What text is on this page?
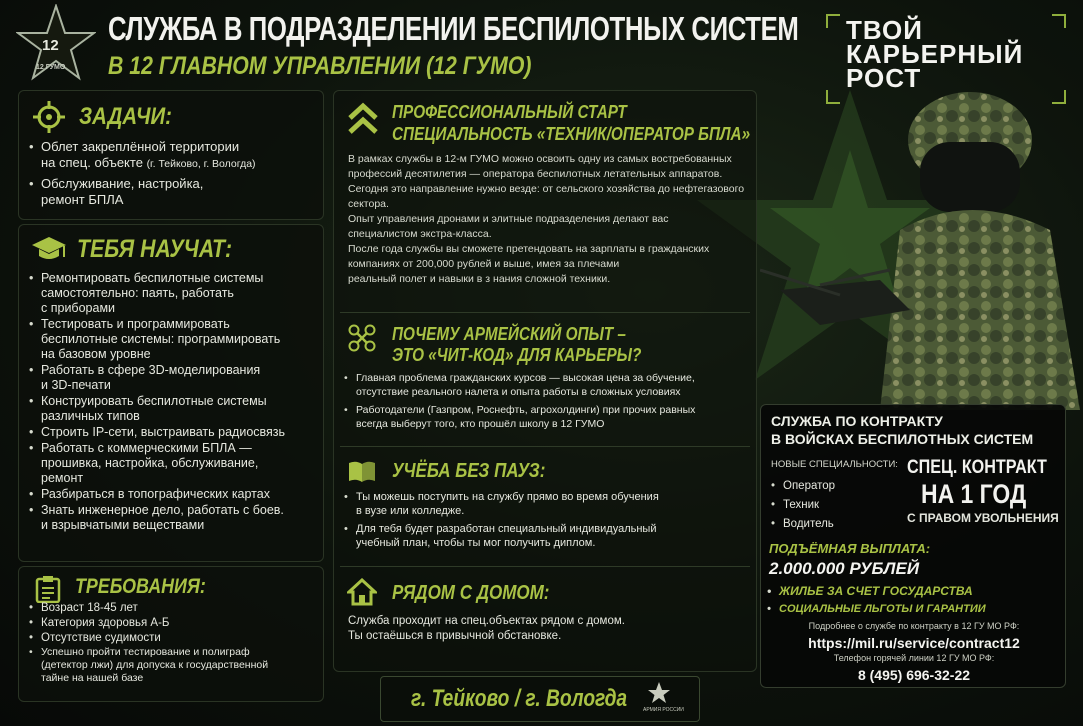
12
12 ГУМО
СЛУЖБА В ПОДРАЗДЕЛЕНИИ БЕСПИЛОТНЫХ СИСТЕМ
В 12 ГЛАВНОМ УПРАВЛЕНИИ (12 ГУМО)
ТВОЙ
КАРЬЕРНЫЙ
РОСТ
ЗАДАЧИ:
• Облет закреплённой территории
на спец. объекте (г. Тейково, г. Вологда)
• Обслуживание, настройка,
ремонт БПЛА
ТЕБЯ НАУЧАТ:
• Ремонтировать беспилотные системы
самостоятельно: паять, работать
с приборами
• Тестировать и программировать
беспилотные системы: программировать
на базовом уровне
• Работать в сфере 3D-моделирования
и 3D-печати
• Конструировать беспилотные системы
различных типов
• Строить IP-сети, выстраивать радиосвязь
• Работать с коммерческими БПЛА —
прошивка, настройка, обслуживание,
ремонт
• Разбираться в топографических картах
• Знать инженерное дело, работать с боев.
и взрывчатыми веществами
ТРЕБОВАНИЯ:
• Возраст 18-45 лет
• Категория здоровья А-Б
• Отсутствие судимости
• Успешно пройти тестирование и полиграф
(детектор лжи) для допуска к государственной
тайне на нашей базе
ПРОФЕССИОНАЛЬНЫЙ СТАРТ
СПЕЦИАЛЬНОСТЬ «ТЕХНИК/ОПЕРАТОР БПЛА»
В рамках службы в 12-м ГУМО можно освоить одну из самых востребованных
профессий десятилетия — оператора беспилотных летательных аппаратов.
Сегодня это направление нужно везде: от сельского хозяйства до нефтегазового
сектора.
Опыт управления дронами и элитные подразделения делают вас
специалистом экстра-класса.
После года службы вы сможете претендовать на зарплаты в гражданских
компаниях от 200,000 рублей и выше, имея за плечами
реальный полет и навыки в з нания сложной техники.
ПОЧЕМУ АРМЕЙСКИЙ ОПЫТ –
ЭТО «ЧИТ-КОД» ДЛЯ КАРЬЕРЫ?
• Главная проблема гражданских курсов — высокая цена за обучение,
отсутствие реального налета и опыта работы в сложных условиях
• Работодатели (Газпром, Роснефть, агрохолдинги) при прочих равных
всегда выберут того, кто прошёл школу в 12 ГУМО
УЧЁБА БЕЗ ПАУЗ:
• Ты можешь поступить на службу прямо во время обучения
в вузе или колледже.
• Для тебя будет разработан специальный индивидуальный
учебный план, чтобы ты мог получить диплом.
РЯДОМ С ДОМОМ:
Служба проходит на спец.объектах рядом с домом.
Ты остаёшься в привычной обстановке.
г. Тейково / г. Вологда	АРМИЯ РОССИИ
СЛУЖБА ПО КОНТРАКТУ
В ВОЙСКАХ БЕСПИЛОТНЫХ СИСТЕМ
НОВЫЕ СПЕЦИАЛЬНОСТИ:
• Оператор
• Техник
• Водитель
СПЕЦ. КОНТРАКТ
НА 1 ГОД
С ПРАВОМ УВОЛЬНЕНИЯ
ПОДЪЁМНАЯ ВЫПЛАТА:
2.000.000 РУБЛЕЙ
• ЖИЛЬЕ ЗА СЧЕТ ГОСУДАРСТВА
• СОЦИАЛЬНЫЕ ЛЬГОТЫ И ГАРАНТИИ
Подробнее о службе по контракту в 12 ГУ МО РФ:
https://mil.ru/service/contract12
Телефон горячей линии 12 ГУ МО РФ:
8 (495) 696-32-22
